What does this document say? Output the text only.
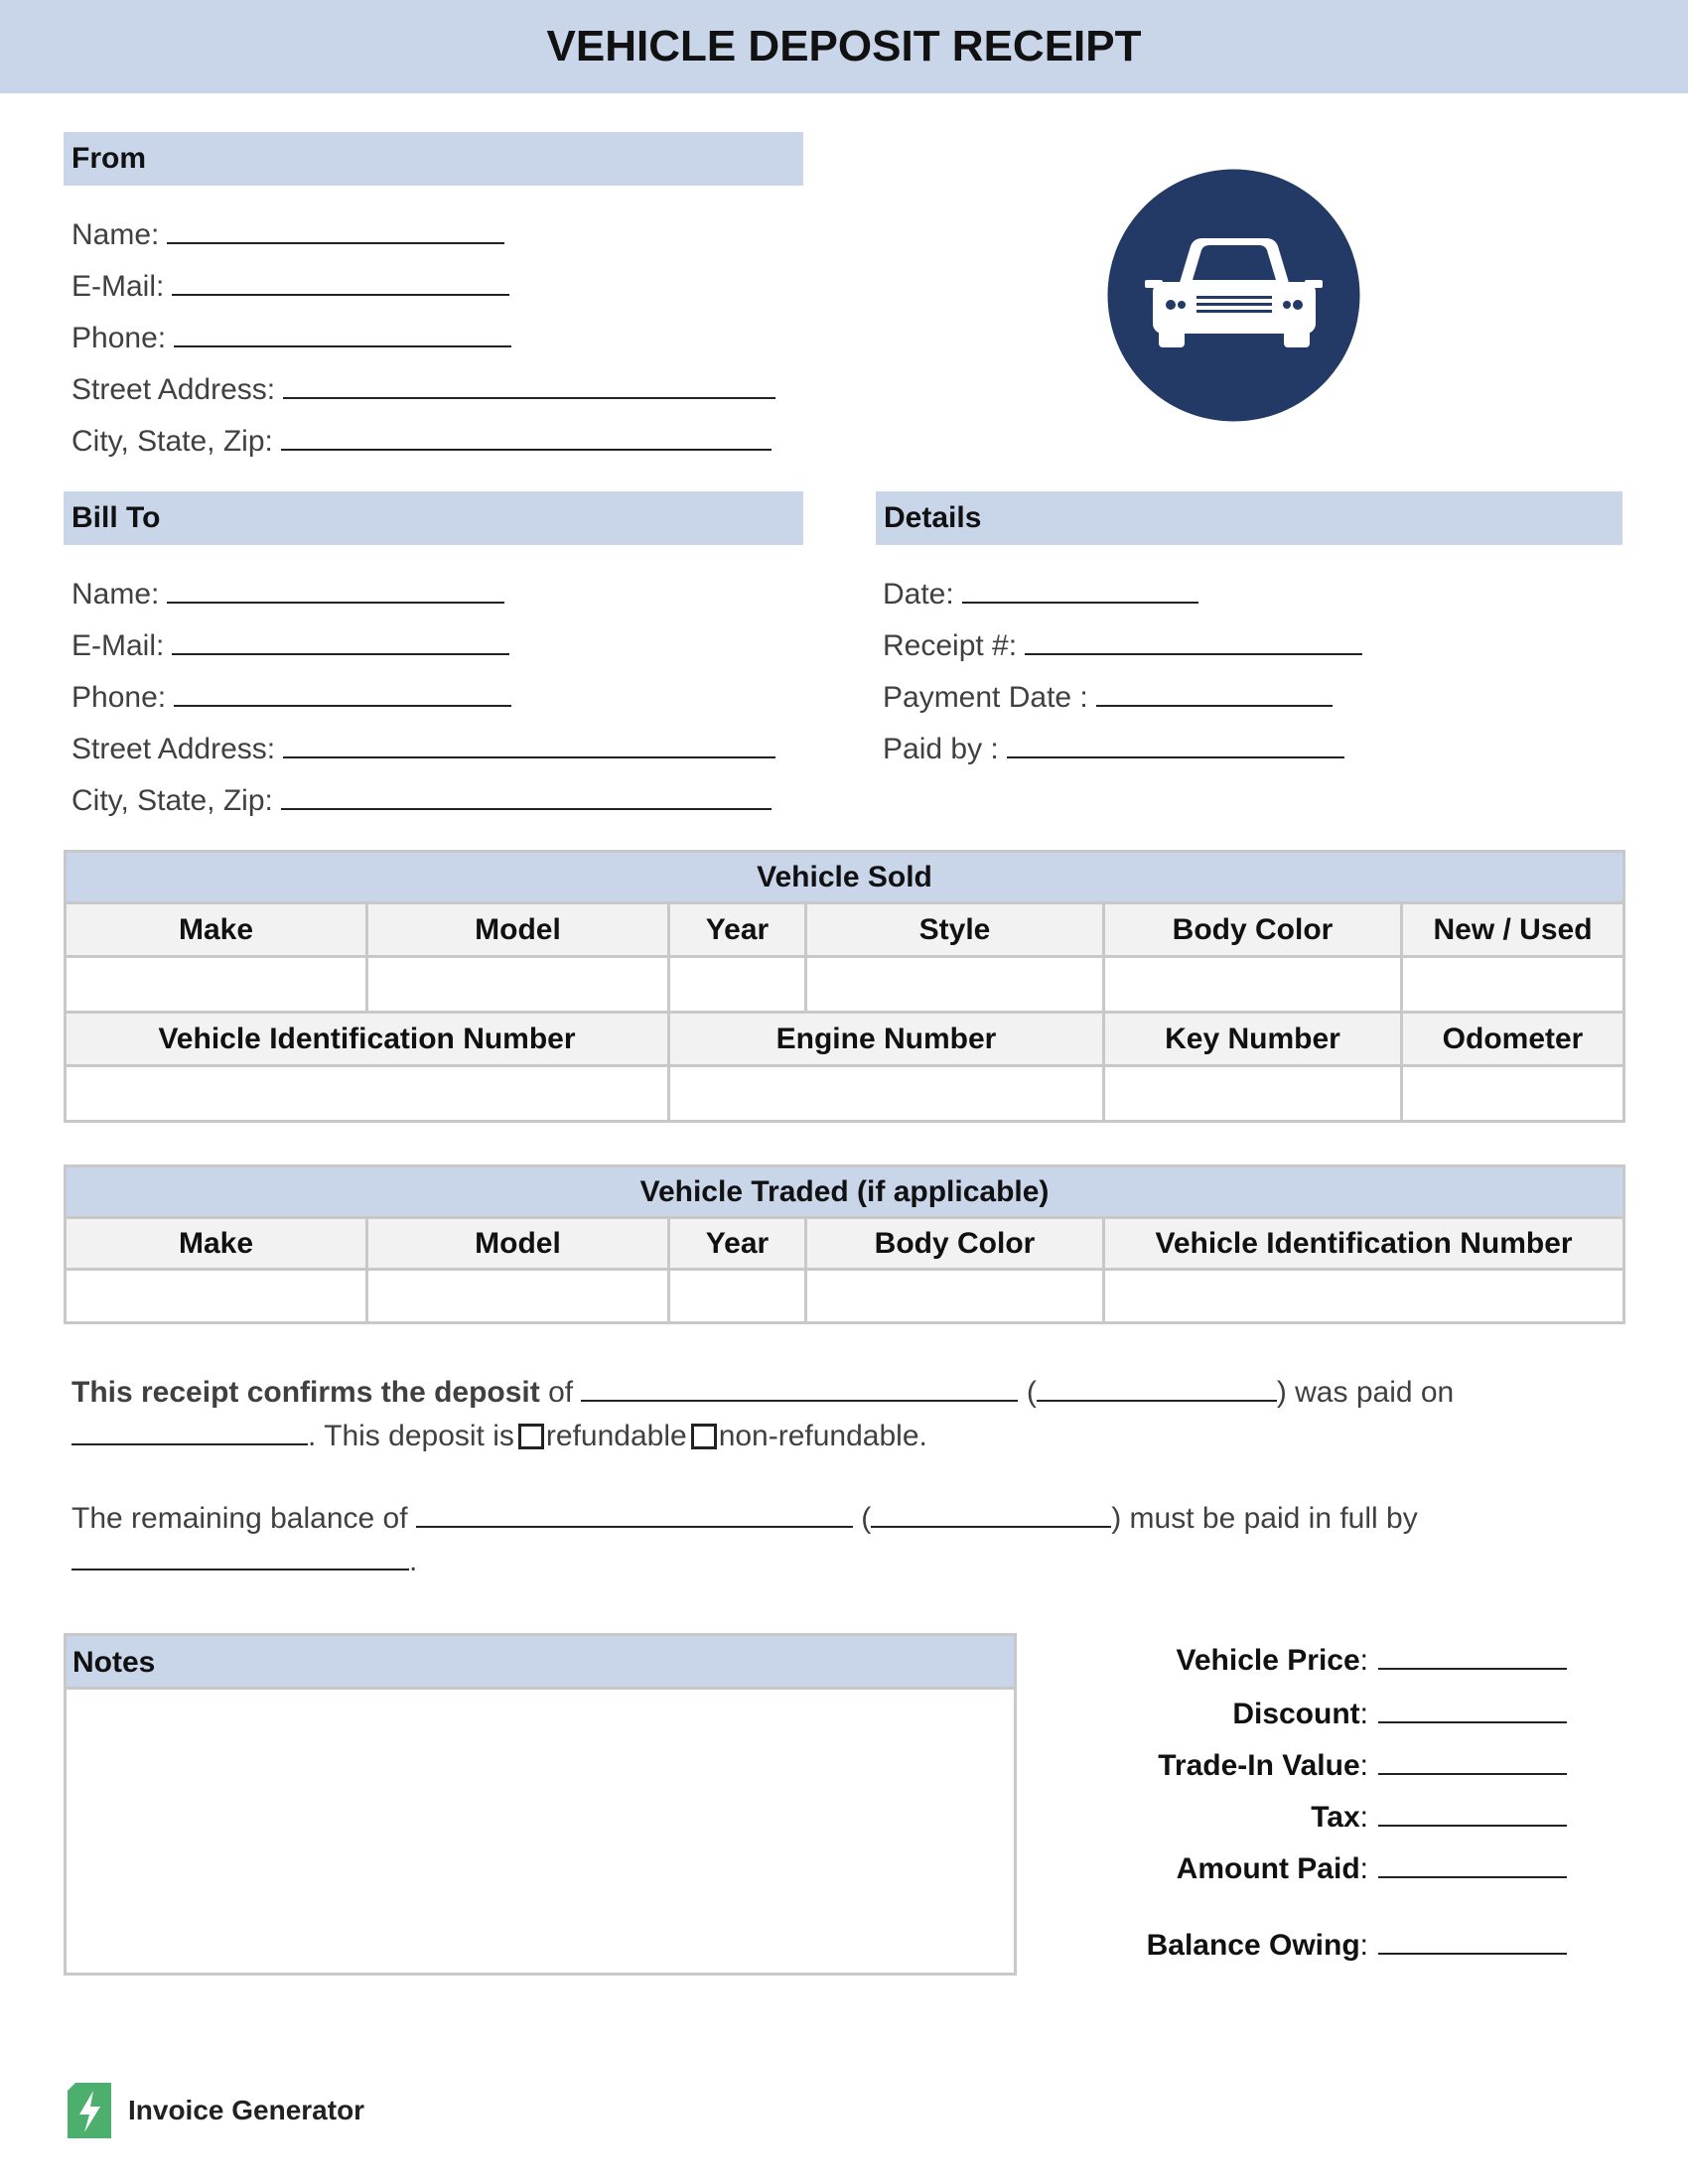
VEHICLE DEPOSIT RECEIPT
From
Name:
E-Mail:
Phone:
Street Address:
City, State, Zip:
Bill To
Name:
E-Mail:
Phone:
Street Address:
City, State, Zip:
Details
Date:
Receipt #:
Payment Date :
Paid by :
Vehicle Sold					
Make	Model	Year	Style	Body Color	New / Used

Vehicle Identification Number		Engine Number		Key Number	Odometer

Vehicle Traded (if applicable)				
Make	Model	Year	Body Color	Vehicle Identification Number

This receipt confirms the deposit of	(	) was paid on
. This deposit is refundable non-refundable.
The remaining balance of	(	) must be paid in full by
.
Notes	Vehicle Price:
Discount:
Trade-In Value:
Tax:
Amount Paid:
Balance Owing:
Invoice Generator
